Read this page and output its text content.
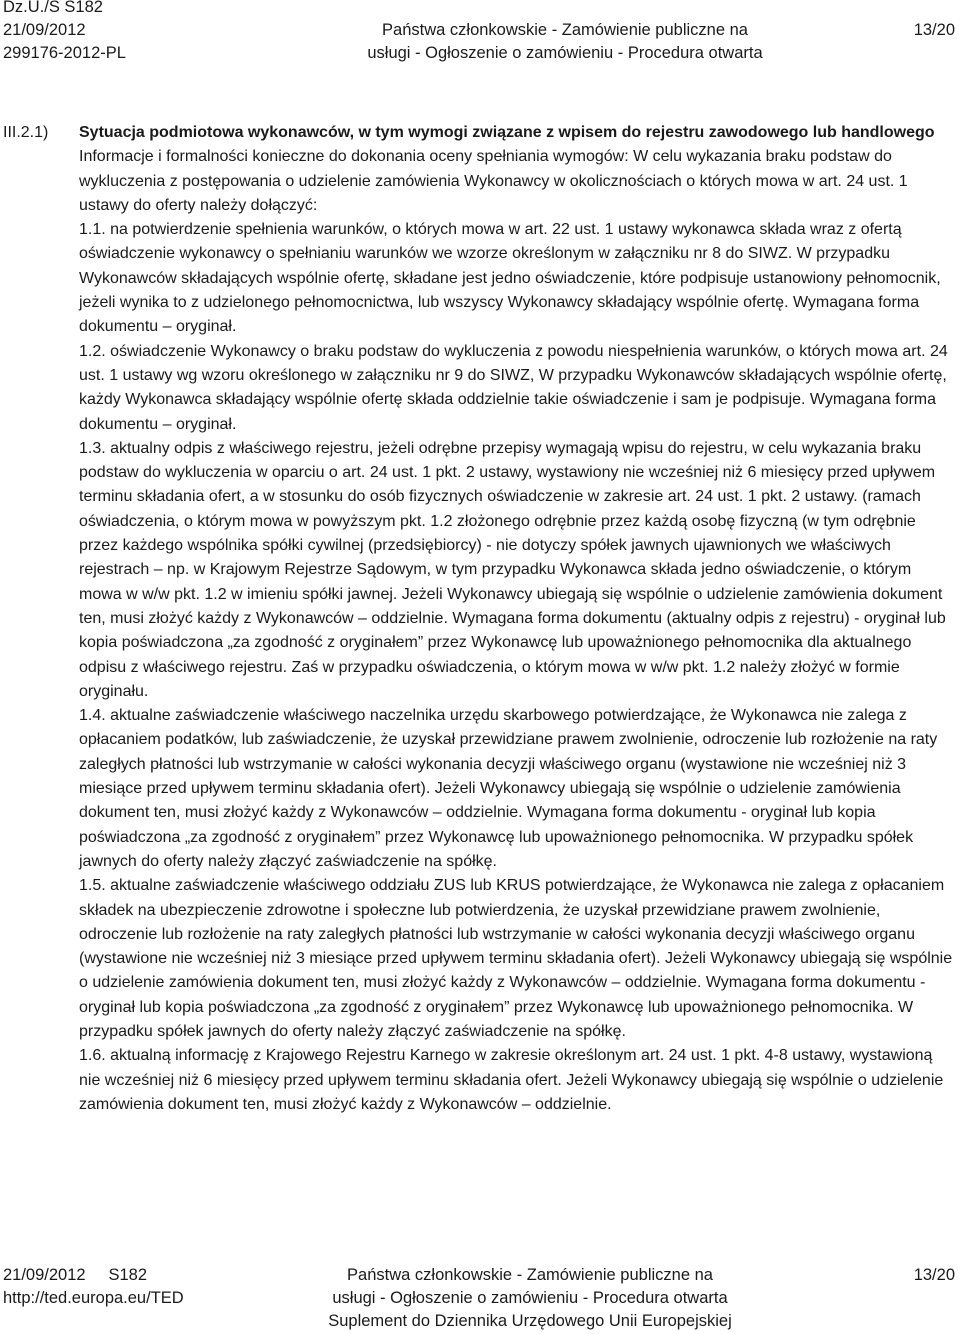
Dz.U./S S182
21/09/2012
299176-2012-PL
Państwa członkowskie - Zamówienie publiczne na
usługi - Ogłoszenie o zamówieniu - Procedura otwarta
13/20
III.2.1) Sytuacja podmiotowa wykonawców, w tym wymogi związane z wpisem do rejestru zawodowego lub handlowego

Informacje i formalności konieczne do dokonania oceny spełniania wymogów: W celu wykazania braku podstaw do wykluczenia z postępowania o udzielenie zamówienia Wykonawcy w okolicznościach o których mowa w art. 24 ust. 1 ustawy do oferty należy dołączyć:

1.1. na potwierdzenie spełnienia warunków, o których mowa w art. 22 ust. 1 ustawy wykonawca składa wraz z ofertą oświadczenie wykonawcy o spełnianiu warunków we wzorze określonym w załączniku nr 8 do SIWZ. W przypadku Wykonawców składających wspólnie ofertę, składane jest jedno oświadczenie, które podpisuje ustanowiony pełnomocnik, jeżeli wynika to z udzielonego pełnomocnictwa, lub wszyscy Wykonawcy składający wspólnie ofertę. Wymagana forma dokumentu – oryginał.

1.2. oświadczenie Wykonawcy o braku podstaw do wykluczenia z powodu niespełnienia warunków, o których mowa art. 24 ust. 1 ustawy wg wzoru określonego w załączniku nr 9 do SIWZ, W przypadku Wykonawców składających wspólnie ofertę, każdy Wykonawca składający wspólnie ofertę składa oddzielnie takie oświadczenie i sam je podpisuje. Wymagana forma dokumentu – oryginał.

1.3. aktualny odpis z właściwego rejestru, jeżeli odrębne przepisy wymagają wpisu do rejestru, w celu wykazania braku podstaw do wykluczenia w oparciu o art. 24 ust. 1 pkt. 2 ustawy, wystawiony nie wcześniej niż 6 miesięcy przed upływem terminu składania ofert, a w stosunku do osób fizycznych oświadczenie w zakresie art. 24 ust. 1 pkt. 2 ustawy. (ramach oświadczenia, o którym mowa w powyższym pkt. 1.2 złożonego odrębnie przez każdą osobę fizyczną (w tym odrębnie przez każdego wspólnika spółki cywilnej (przedsiębiorcy) - nie dotyczy spółek jawnych ujawnionych we właściwych rejestrach – np. w Krajowym Rejestrze Sądowym, w tym przypadku Wykonawca składa jedno oświadczenie, o którym mowa w w/w pkt. 1.2 w imieniu spółki jawnej. Jeżeli Wykonawcy ubiegają się wspólnie o udzielenie zamówienia dokument ten, musi złożyć każdy z Wykonawców – oddzielnie. Wymagana forma dokumentu (aktualny odpis z rejestru) - oryginał lub kopia poświadczona „za zgodność z oryginałem” przez Wykonawcę lub upoważnionego pełnomocnika dla aktualnego odpisu z właściwego rejestru. Zaś w przypadku oświadczenia, o którym mowa w w/w pkt. 1.2 należy złożyć w formie oryginału.

1.4. aktualne zaświadczenie właściwego naczelnika urzędu skarbowego potwierdzające, że Wykonawca nie zalega z opłacaniem podatków, lub zaświadczenie, że uzyskał przewidziane prawem zwolnienie, odroczenie lub rozłożenie na raty zaległych płatności lub wstrzymanie w całości wykonania decyzji właściwego organu (wystawione nie wcześniej niż 3 miesiące przed upływem terminu składania ofert). Jeżeli Wykonawcy ubiegają się wspólnie o udzielenie zamówienia dokument ten, musi złożyć każdy z Wykonawców – oddzielnie. Wymagana forma dokumentu - oryginał lub kopia poświadczona „za zgodność z oryginałem” przez Wykonawcę lub upoważnionego pełnomocnika. W przypadku spółek jawnych do oferty należy złączyć zaświadczenie na spółkę.

1.5. aktualne zaświadczenie właściwego oddziału ZUS lub KRUS potwierdzające, że Wykonawca nie zalega z opłacaniem składek na ubezpieczenie zdrowotne i społeczne lub potwierdzenia, że uzyskał przewidziane prawem zwolnienie, odroczenie lub rozłożenie na raty zaległych płatności lub wstrzymanie w całości wykonania decyzji właściwego organu (wystawione nie wcześniej niż 3 miesiące przed upływem terminu składania ofert). Jeżeli Wykonawcy ubiegają się wspólnie o udzielenie zamówienia dokument ten, musi złożyć każdy z Wykonawców – oddzielnie. Wymagana forma dokumentu - oryginał lub kopia poświadczona „za zgodność z oryginałem” przez Wykonawcę lub upoważnionego pełnomocnika. W przypadku spółek jawnych do oferty należy złączyć zaświadczenie na spółkę.

1.6. aktualną informację z Krajowego Rejestru Karnego w zakresie określonym art. 24 ust. 1 pkt. 4-8 ustawy, wystawioną nie wcześniej niż 6 miesięcy przed upływem terminu składania ofert. Jeżeli Wykonawcy ubiegają się wspólnie o udzielenie zamówienia dokument ten, musi złożyć każdy z Wykonawców – oddzielnie.

21/09/2012     S182
http://ted.europa.eu/TED
Państwa członkowskie - Zamówienie publiczne na
usługi - Ogłoszenie o zamówieniu - Procedura otwarta
Suplement do Dziennika Urzędowego Unii Europejskiej
13/20
